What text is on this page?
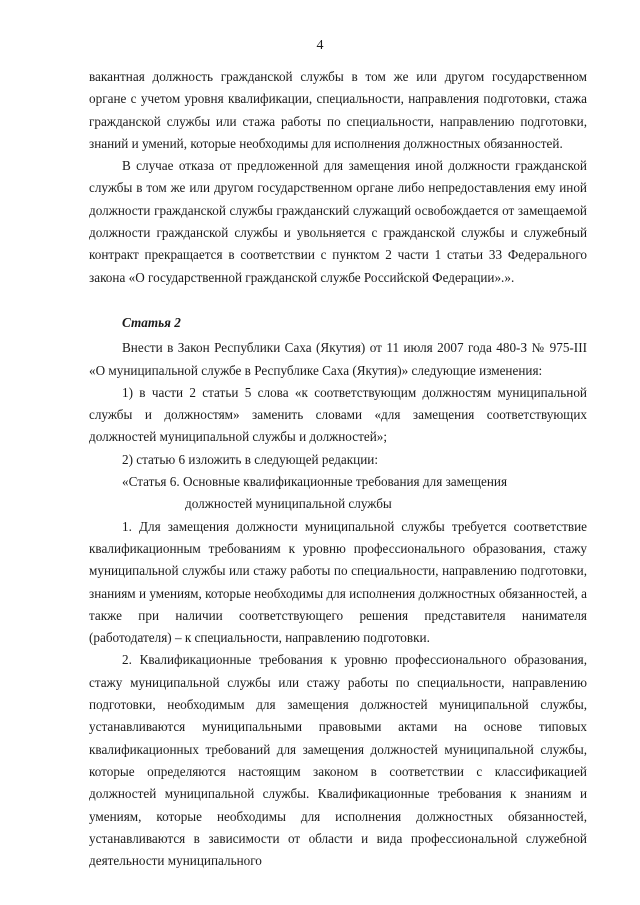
4

вакантная должность гражданской службы в том же или другом государственном органе с учетом уровня квалификации, специальности, направления подготовки, стажа гражданской службы или стажа работы по специальности, направлению подготовки, знаний и умений, которые необходимы для исполнения должностных обязанностей.

В случае отказа от предложенной для замещения иной должности гражданской службы в том же или другом государственном органе либо непредоставления ему иной должности гражданской службы гражданский служащий освобождается от замещаемой должности гражданской службы и увольняется с гражданской службы и служебный контракт прекращается в соответствии с пунктом 2 части 1 статьи 33 Федерального закона «О государственной гражданской службе Российской Федерации».».

Статья 2

Внести в Закон Республики Саха (Якутия) от 11 июля 2007 года 480-З № 975-III «О муниципальной службе в Республике Саха (Якутия)» следующие изменения:

1) в части 2 статьи 5 слова «к соответствующим должностям муниципальной службы и должностям» заменить словами «для замещения соответствующих должностей муниципальной службы и должностей»;

2) статью 6 изложить в следующей редакции:

«Статья 6. Основные квалификационные требования для замещения

должностей муниципальной службы

1. Для замещения должности муниципальной службы требуется соответствие квалификационным требованиям к уровню профессионального образования, стажу муниципальной службы или стажу работы по специальности, направлению подготовки, знаниям и умениям, которые необходимы для исполнения должностных обязанностей, а также при наличии соответствующего решения представителя нанимателя (работодателя) – к специальности, направлению подготовки.

2. Квалификационные требования к уровню профессионального образования, стажу муниципальной службы или стажу работы по специальности, направлению подготовки, необходимым для замещения должностей муниципальной службы, устанавливаются муниципальными правовыми актами на основе типовых квалификационных требований для замещения должностей муниципальной службы, которые определяются настоящим законом в соответствии с классификацией должностей муниципальной службы. Квалификационные требования к знаниям и умениям, которые необходимы для исполнения должностных обязанностей, устанавливаются в зависимости от области и вида профессиональной служебной деятельности муниципального
